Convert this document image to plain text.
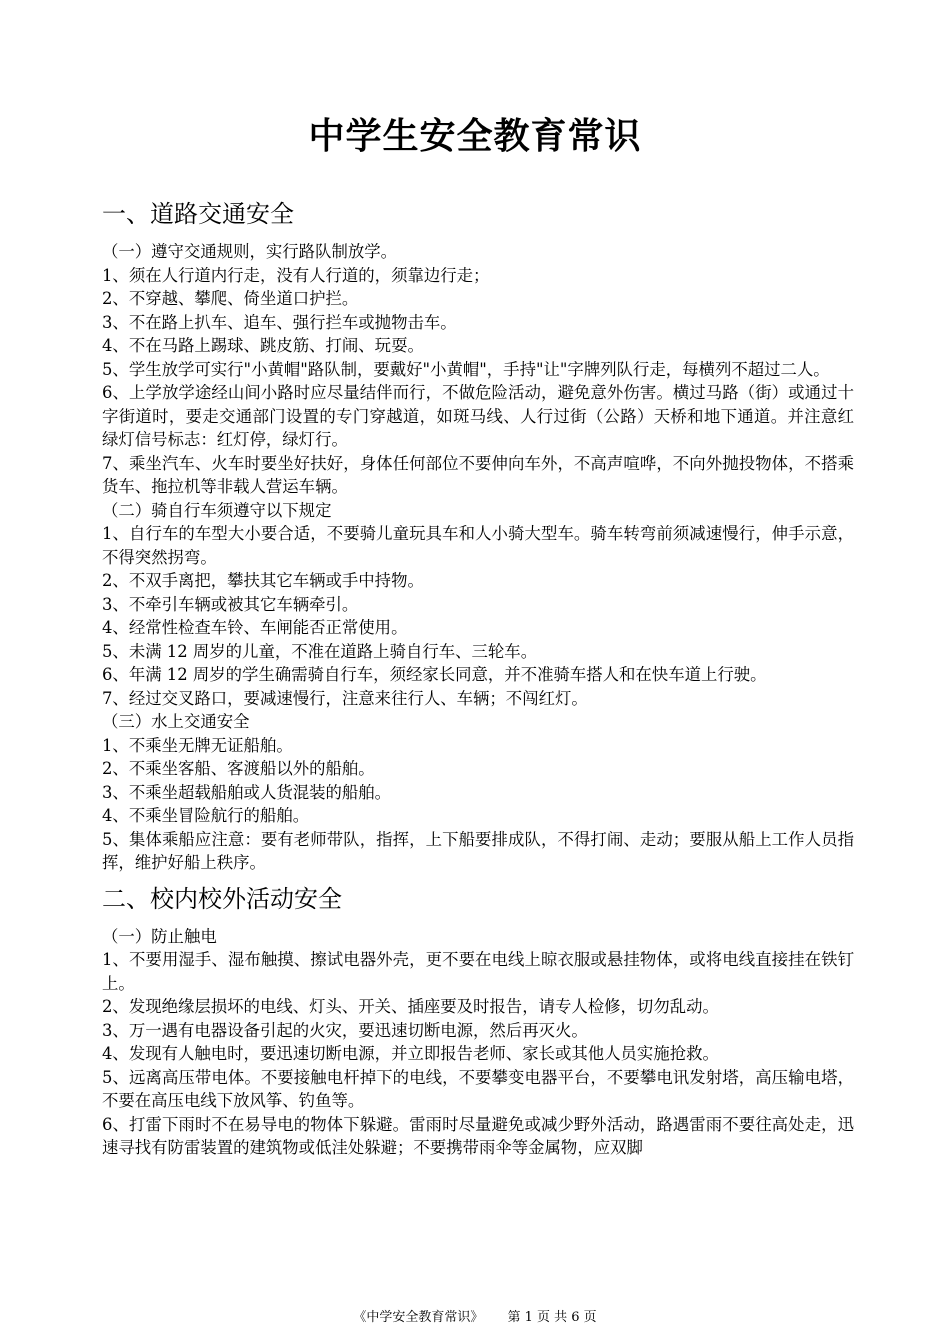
中学生安全教育常识
一、道路交通安全

（一）遵守交通规则，实行路队制放学。

1、须在人行道内行走，没有人行道的，须靠边行走；

2、不穿越、攀爬、倚坐道口护拦。

3、不在路上扒车、追车、强行拦车或抛物击车。

4、不在马路上踢球、跳皮筋、打闹、玩耍。

5、学生放学可实行"小黄帽"路队制，要戴好"小黄帽"，手持"让"字牌列队行走，每横列不超过二人。

6、上学放学途经山间小路时应尽量结伴而行，不做危险活动，避免意外伤害。横过马路（街）或通过十字街道时，要走交通部门设置的专门穿越道，如斑马线、人行过街（公路）天桥和地下通道。并注意红绿灯信号标志：红灯停，绿灯行。

7、乘坐汽车、火车时要坐好扶好，身体任何部位不要伸向车外，不高声喧哗，不向外抛投物体，不搭乘货车、拖拉机等非载人营运车辆。

（二）骑自行车须遵守以下规定

1、自行车的车型大小要合适，不要骑儿童玩具车和人小骑大型车。骑车转弯前须减速慢行，伸手示意，不得突然拐弯。

2、不双手离把，攀扶其它车辆或手中持物。

3、不牵引车辆或被其它车辆牵引。

4、经常性检查车铃、车闸能否正常使用。

5、未满 12 周岁的儿童，不准在道路上骑自行车、三轮车。

6、年满 12 周岁的学生确需骑自行车，须经家长同意，并不准骑车搭人和在快车道上行驶。

7、经过交叉路口，要减速慢行，注意来往行人、车辆；不闯红灯。

（三）水上交通安全

1、不乘坐无牌无证船舶。

2、不乘坐客船、客渡船以外的船舶。

3、不乘坐超载船舶或人货混装的船舶。

4、不乘坐冒险航行的船舶。

5、集体乘船应注意：要有老师带队，指挥，上下船要排成队，不得打闹、走动；要服从船上工作人员指挥，维护好船上秩序。

二、校内校外活动安全

（一）防止触电

1、不要用湿手、湿布触摸、擦试电器外壳，更不要在电线上晾衣服或悬挂物体，或将电线直接挂在铁钉上。

2、发现绝缘层损坏的电线、灯头、开关、插座要及时报告，请专人检修，切勿乱动。

3、万一遇有电器设备引起的火灾，要迅速切断电源，然后再灭火。

4、发现有人触电时，要迅速切断电源，并立即报告老师、家长或其他人员实施抢救。

5、远离高压带电体。不要接触电杆掉下的电线，不要攀变电器平台，不要攀电讯发射塔，高压输电塔，不要在高压电线下放风筝、钓鱼等。

6、打雷下雨时不在易导电的物体下躲避。雷雨时尽量避免或减少野外活动，路遇雷雨不要往高处走，迅速寻找有防雷装置的建筑物或低洼处躲避；不要携带雨伞等金属物，应双脚

《中学安全教育常识》 第 1 页 共 6 页
